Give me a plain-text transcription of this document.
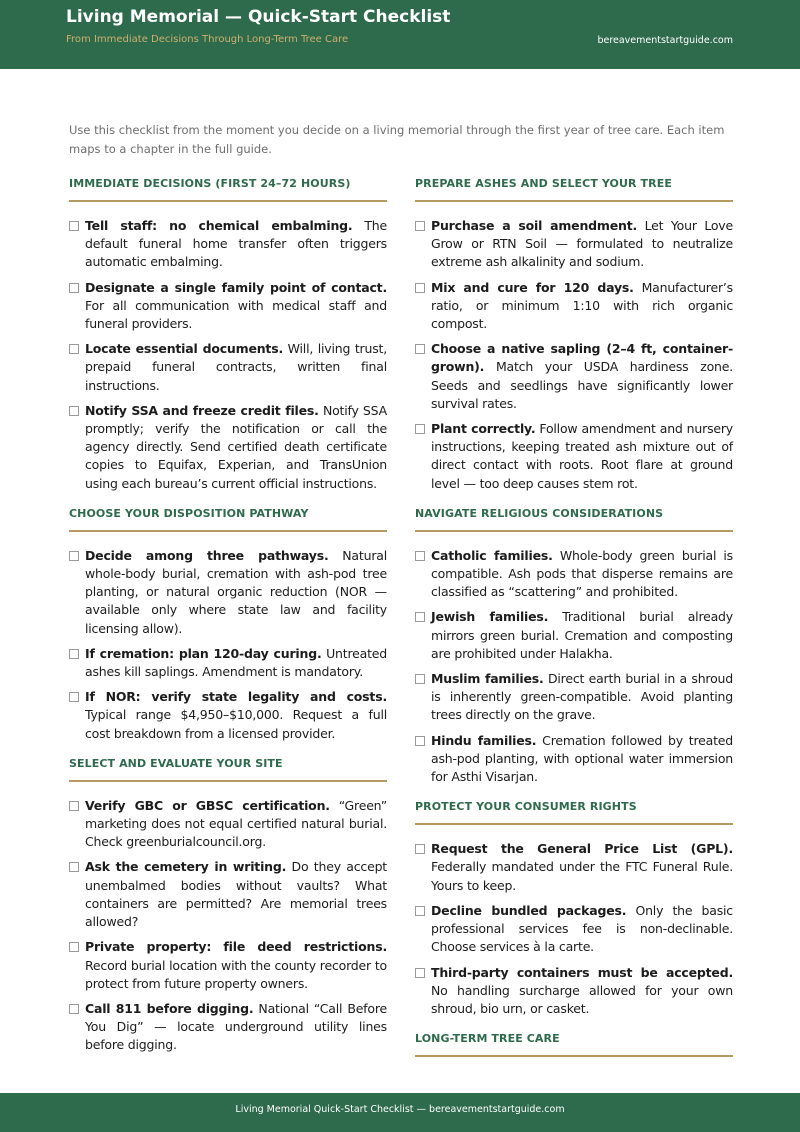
Living Memorial — Quick-Start Checklist
From Immediate Decisions Through Long-Term Tree Care	bereavementstartguide.com
Use this checklist from the moment you decide on a living memorial through the first year of tree care. Each item maps to a chapter in the full guide.
IMMEDIATE DECISIONS (FIRST 24–72 HOURS)
Tell staff: no chemical embalming. The default funeral home transfer often triggers automatic embalming.
Designate a single family point of contact. For all communication with medical staff and funeral providers.
Locate essential documents. Will, living trust, prepaid funeral contracts, written final instructions.
Notify SSA and freeze credit files. Notify SSA promptly; verify the notification or call the agency directly. Send certified death certificate copies to Equifax, Experian, and TransUnion using each bureau’s current official instructions.
CHOOSE YOUR DISPOSITION PATHWAY
Decide among three pathways. Natural whole-body burial, cremation with ash-pod tree planting, or natural organic reduction (NOR — available only where state law and facility licensing allow).
If cremation: plan 120-day curing. Untreated ashes kill saplings. Amendment is mandatory.
If NOR: verify state legality and costs. Typical range $4,950–$10,000. Request a full cost breakdown from a licensed provider.
SELECT AND EVALUATE YOUR SITE
Verify GBC or GBSC certification. “Green” marketing does not equal certified natural burial. Check greenburialcouncil.org.
Ask the cemetery in writing. Do they accept unembalmed bodies without vaults? What containers are permitted? Are memorial trees allowed?
Private property: file deed restrictions. Record burial location with the county recorder to protect from future property owners.
Call 811 before digging. National “Call Before You Dig” — locate underground utility lines before digging.
PREPARE ASHES AND SELECT YOUR TREE
Purchase a soil amendment. Let Your Love Grow or RTN Soil — formulated to neutralize extreme ash alkalinity and sodium.
Mix and cure for 120 days. Manufacturer’s ratio, or minimum 1:10 with rich organic compost.
Choose a native sapling (2–4 ft, container-grown). Match your USDA hardiness zone. Seeds and seedlings have significantly lower survival rates.
Plant correctly. Follow amendment and nursery instructions, keeping treated ash mixture out of direct contact with roots. Root flare at ground level — too deep causes stem rot.
NAVIGATE RELIGIOUS CONSIDERATIONS
Catholic families. Whole-body green burial is compatible. Ash pods that disperse remains are classified as “scattering” and prohibited.
Jewish families. Traditional burial already mirrors green burial. Cremation and composting are prohibited under Halakha.
Muslim families. Direct earth burial in a shroud is inherently green-compatible. Avoid planting trees directly on the grave.
Hindu families. Cremation followed by treated ash-pod planting, with optional water immersion for Asthi Visarjan.
PROTECT YOUR CONSUMER RIGHTS
Request the General Price List (GPL). Federally mandated under the FTC Funeral Rule. Yours to keep.
Decline bundled packages. Only the basic professional services fee is non-declinable. Choose services à la carte.
Third-party containers must be accepted. No handling surcharge allowed for your own shroud, bio urn, or casket.
LONG-TERM TREE CARE
Living Memorial Quick-Start Checklist — bereavementstartguide.com
